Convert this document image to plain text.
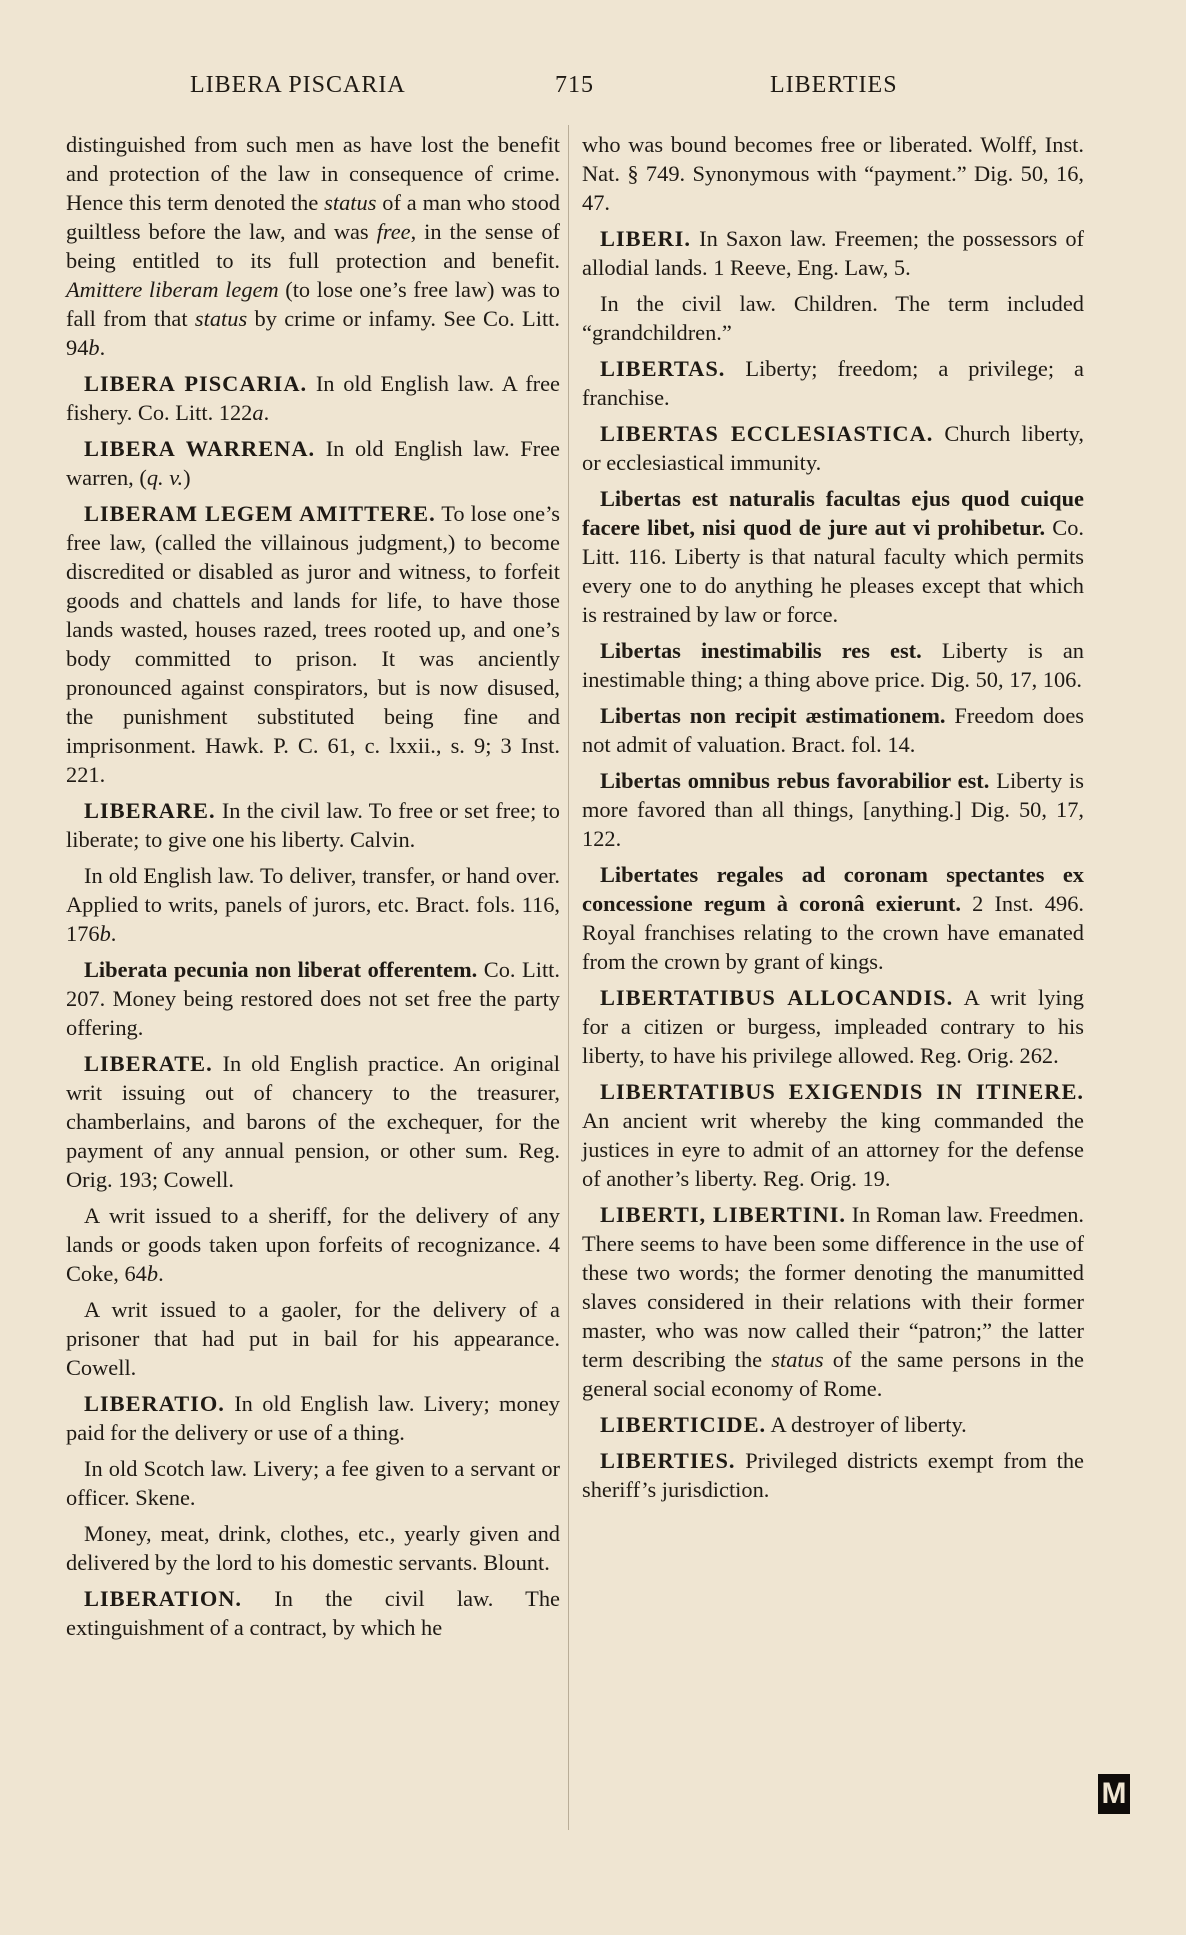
LIBERA PISCARIA	715	LIBERTIES

distinguished from such men as have lost the benefit and protection of the law in consequence of crime. Hence this term denoted the status of a man who stood guiltless before the law, and was free, in the sense of being entitled to its full protection and benefit. Amittere liberam legem (to lose one’s free law) was to fall from that status by crime or infamy. See Co. Litt. 94b.

LIBERA PISCARIA. In old English law. A free fishery. Co. Litt. 122a.

LIBERA WARRENA. In old English law. Free warren, (q. v.)

LIBERAM LEGEM AMITTERE. To lose one’s free law, (called the villainous judgment,) to become discredited or disabled as juror and witness, to forfeit goods and chattels and lands for life, to have those lands wasted, houses razed, trees rooted up, and one’s body committed to prison. It was anciently pronounced against conspirators, but is now disused, the punishment substituted being fine and imprisonment. Hawk. P. C. 61, c. lxxii., s. 9; 3 Inst. 221.

LIBERARE. In the civil law. To free or set free; to liberate; to give one his liberty. Calvin.

In old English law. To deliver, transfer, or hand over. Applied to writs, panels of jurors, etc. Bract. fols. 116, 176b.

Liberata pecunia non liberat offerentem. Co. Litt. 207. Money being restored does not set free the party offering.

LIBERATE. In old English practice. An original writ issuing out of chancery to the treasurer, chamberlains, and barons of the exchequer, for the payment of any annual pension, or other sum. Reg. Orig. 193; Cowell.

A writ issued to a sheriff, for the delivery of any lands or goods taken upon forfeits of recognizance. 4 Coke, 64b.

A writ issued to a gaoler, for the delivery of a prisoner that had put in bail for his appearance. Cowell.

LIBERATIO. In old English law. Livery; money paid for the delivery or use of a thing.

In old Scotch law. Livery; a fee given to a servant or officer. Skene.

Money, meat, drink, clothes, etc., yearly given and delivered by the lord to his domestic servants. Blount.

LIBERATION. In the civil law. The extinguishment of a contract, by which he

who was bound becomes free or liberated. Wolff, Inst. Nat. § 749. Synonymous with “payment.” Dig. 50, 16, 47.

LIBERI. In Saxon law. Freemen; the possessors of allodial lands. 1 Reeve, Eng. Law, 5.

In the civil law. Children. The term included “grandchildren.”

LIBERTAS. Liberty; freedom; a privilege; a franchise.

LIBERTAS ECCLESIASTICA. Church liberty, or ecclesiastical immunity.

Libertas est naturalis facultas ejus quod cuique facere libet, nisi quod de jure aut vi prohibetur. Co. Litt. 116. Liberty is that natural faculty which permits every one to do anything he pleases except that which is restrained by law or force.

Libertas inestimabilis res est. Liberty is an inestimable thing; a thing above price. Dig. 50, 17, 106.

Libertas non recipit æstimationem. Freedom does not admit of valuation. Bract. fol. 14.

Libertas omnibus rebus favorabilior est. Liberty is more favored than all things, [anything.] Dig. 50, 17, 122.

Libertates regales ad coronam spectantes ex concessione regum à coronâ exierunt. 2 Inst. 496. Royal franchises relating to the crown have emanated from the crown by grant of kings.

LIBERTATIBUS ALLOCANDIS. A writ lying for a citizen or burgess, impleaded contrary to his liberty, to have his privilege allowed. Reg. Orig. 262.

LIBERTATIBUS EXIGENDIS IN ITINERE. An ancient writ whereby the king commanded the justices in eyre to admit of an attorney for the defense of another’s liberty. Reg. Orig. 19.

LIBERTI, LIBERTINI. In Roman law. Freedmen. There seems to have been some difference in the use of these two words; the former denoting the manumitted slaves considered in their relations with their former master, who was now called their “patron;” the latter term describing the status of the same persons in the general social economy of Rome.

LIBERTICIDE. A destroyer of liberty.

LIBERTIES. Privileged districts exempt from the sheriff’s jurisdiction.

M
